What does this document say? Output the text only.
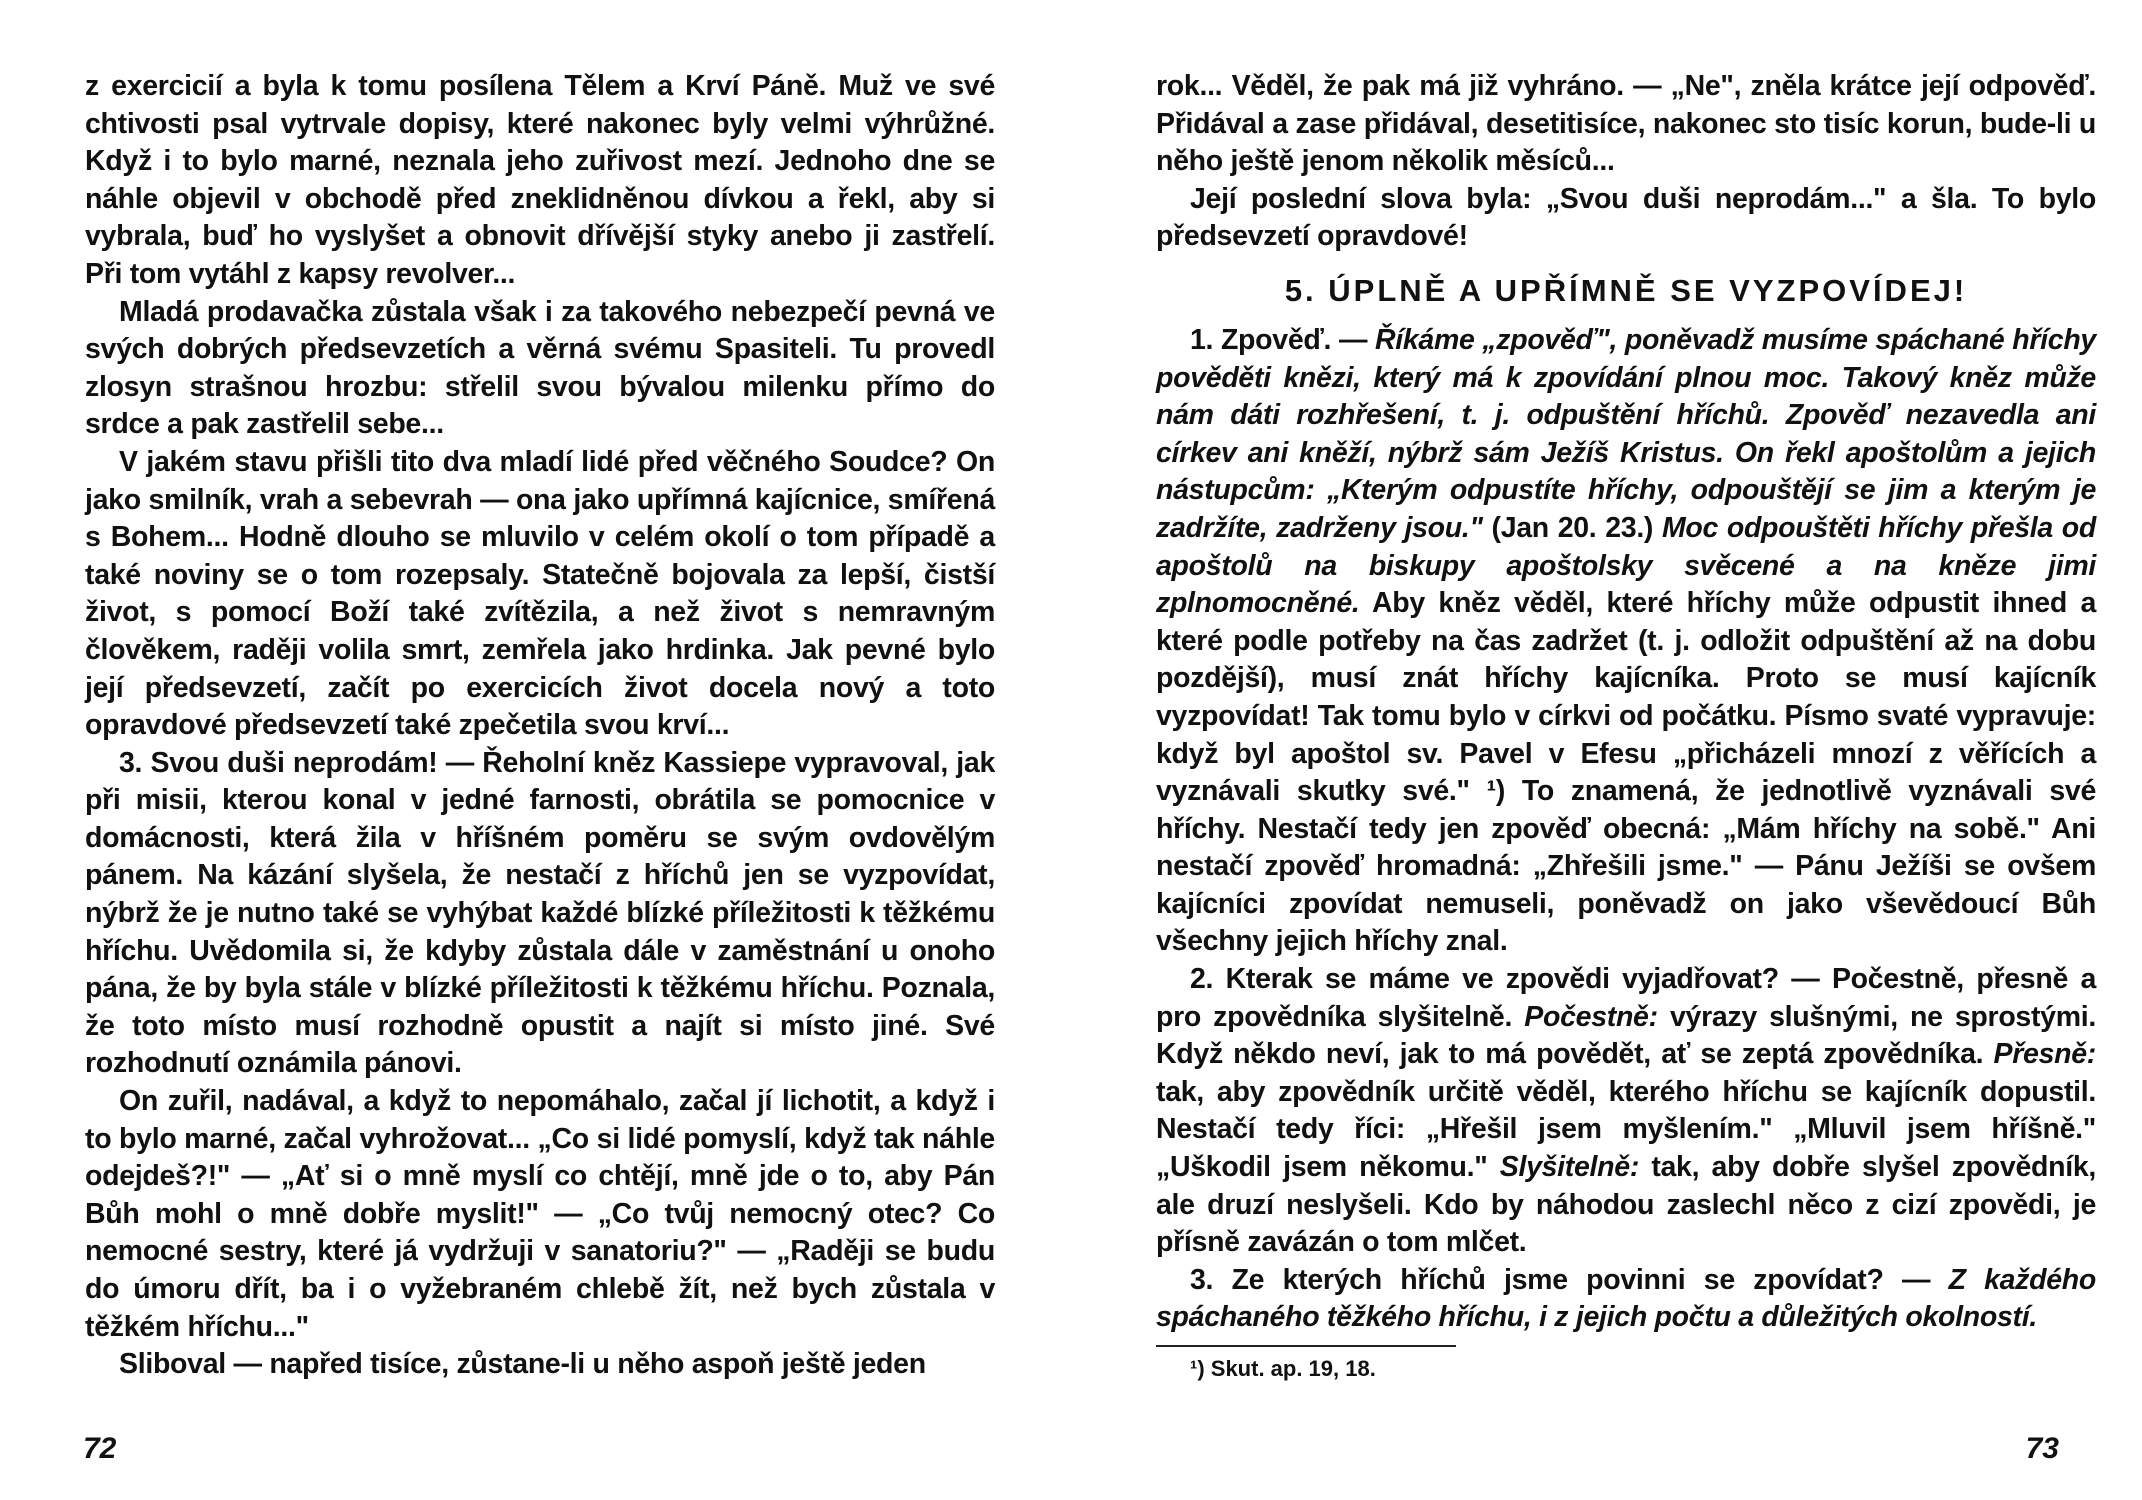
z exercicií a byla k tomu posílena Tělem a Krví Páně. Muž ve své chtivosti psal vytrvale dopisy, které nakonec byly velmi výhrůžné. Když i to bylo marné, neznala jeho zuřivost mezí. Jednoho dne se náhle objevil v obchodě před zneklidněnou dívkou a řekl, aby si vybrala, buď ho vyslyšet a obnovit dřívější styky anebo ji zastřelí. Při tom vytáhl z kapsy revolver...

Mladá prodavačka zůstala však i za takového nebezpečí pevná ve svých dobrých předsevzetích a věrná svému Spasiteli. Tu provedl zlosyn strašnou hrozbu: střelil svou bývalou milenku přímo do srdce a pak zastřelil sebe...

V jakém stavu přišli tito dva mladí lidé před věčného Soudce? On jako smilník, vrah a sebevrah — ona jako upřímná kajícnice, smířená s Bohem... Hodně dlouho se mluvilo v celém okolí o tom případě a také noviny se o tom rozepsaly. Statečně bojovala za lepší, čistší život, s pomocí Boží také zvítězila, a než život s nemravným člověkem, raději volila smrt, zemřela jako hrdinka. Jak pevné bylo její předsevzetí, začít po exercicích život docela nový a toto opravdové předsevzetí také zpečetila svou krví...

3. Svou duši neprodám! — Řeholní kněz Kassiepe vypravoval, jak při misii, kterou konal v jedné farnosti, obrátila se pomocnice v domácnosti, která žila v hříšném poměru se svým ovdovělým pánem. Na kázání slyšela, že nestačí z hříchů jen se vyzpovídat, nýbrž že je nutno také se vyhýbat každé blízké příležitosti k těžkému hříchu. Uvědomila si, že kdyby zůstala dále v zaměstnání u onoho pána, že by byla stále v blízké příležitosti k těžkému hříchu. Poznala, že toto místo musí rozhodně opustit a najít si místo jiné. Své rozhodnutí oznámila pánovi.

On zuřil, nadával, a když to nepomáhalo, začal jí lichotit, a když i to bylo marné, začal vyhrožovat... „Co si lidé pomyslí, když tak náhle odejdeš?!" — „Ať si o mně myslí co chtějí, mně jde o to, aby Pán Bůh mohl o mně dobře myslit!" — „Co tvůj nemocný otec? Co nemocné sestry, které já vydržuji v sanatoriu?" — „Raději se budu do úmoru dřít, ba i o vyžebraném chlebě žít, než bych zůstala v těžkém hříchu..."

Sliboval — napřed tisíce, zůstane-li u něho aspoň ještě jeden

72

rok... Věděl, že pak má již vyhráno. — „Ne", zněla krátce její odpověď. Přidával a zase přidával, desetitisíce, nakonec sto tisíc korun, bude-li u něho ještě jenom několik měsíců...

Její poslední slova byla: „Svou duši neprodám..." a šla. To bylo předsevzetí opravdové!

5. ÚPLNĚ A UPŘÍMNĚ SE VYZPOVÍDEJ!

1. Zpověď. — Říkáme „zpověď", poněvadž musíme spáchané hříchy pověděti knězi, který má k zpovídání plnou moc. Takový kněz může nám dáti rozhřešení, t. j. odpuštění hříchů. Zpověď nezavedla ani církev ani kněží, nýbrž sám Ježíš Kristus. On řekl apoštolům a jejich nástupcům: „Kterým odpustíte hříchy, odpouštějí se jim a kterým je zadržíte, zadrženy jsou." (Jan 20. 23.) Moc odpouštěti hříchy přešla od apoštolů na biskupy apoštolsky svěcené a na kněze jimi zplnomocněné. Aby kněz věděl, které hříchy může odpustit ihned a které podle potřeby na čas zadržet (t. j. odložit odpuštění až na dobu pozdější), musí znát hříchy kajícníka. Proto se musí kajícník vyzpovídat! Tak tomu bylo v církvi od počátku. Písmo svaté vypravuje: když byl apoštol sv. Pavel v Efesu „přicházeli mnozí z věřících a vyznávali skutky své." ¹) To znamená, že jednotlivě vyznávali své hříchy. Nestačí tedy jen zpověď obecná: „Mám hříchy na sobě." Ani nestačí zpověď hromadná: „Zhřešili jsme." — Pánu Ježíši se ovšem kajícníci zpovídat nemuseli, poněvadž on jako vševědoucí Bůh všechny jejich hříchy znal.

2. Kterak se máme ve zpovědi vyjadřovat? — Počestně, přesně a pro zpovědníka slyšitelně. Počestně: výrazy slušnými, ne sprostými. Když někdo neví, jak to má povědět, ať se zeptá zpovědníka. Přesně: tak, aby zpovědník určitě věděl, kterého hříchu se kajícník dopustil. Nestačí tedy říci: „Hřešil jsem myšlením." „Mluvil jsem hříšně." „Uškodil jsem někomu." Slyšitelně: tak, aby dobře slyšel zpovědník, ale druzí neslyšeli. Kdo by náhodou zaslechl něco z cizí zpovědi, je přísně zavázán o tom mlčet.

3. Ze kterých hříchů jsme povinni se zpovídat? — Z každého spáchaného těžkého hříchu, i z jejich počtu a důležitých okolností.

¹) Skut. ap. 19, 18.

73
